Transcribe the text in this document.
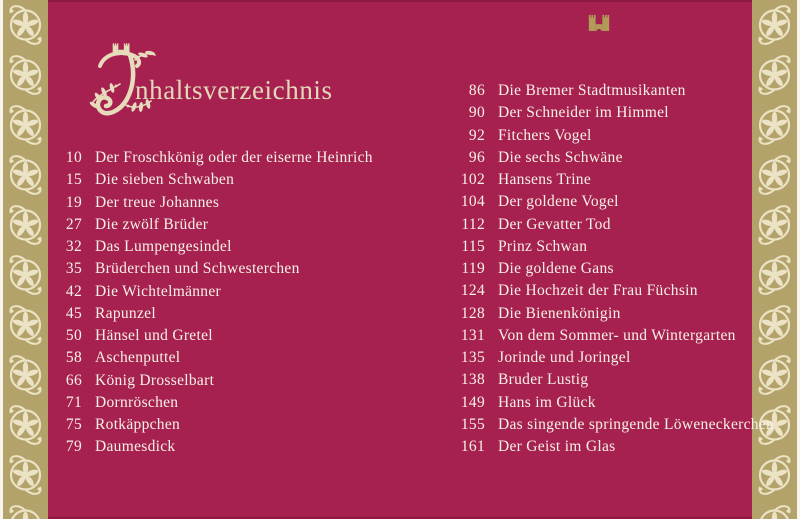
nhaltsverzeichnis
10 Der Froschkönig oder der eiserne Heinrich
15 Die sieben Schwaben
19 Der treue Johannes
27 Die zwölf Brüder
32 Das Lumpengesindel
35 Brüderchen und Schwesterchen
42 Die Wichtelmänner
45 Rapunzel
50 Hänsel und Gretel
58 Aschenputtel
66 König Drosselbart
71 Dornröschen
75 Rotkäppchen
79 Daumesdick
86 Die Bremer Stadtmusikanten
90 Der Schneider im Himmel
92 Fitchers Vogel
96 Die sechs Schwäne
102 Hansens Trine
104 Der goldene Vogel
112 Der Gevatter Tod
115 Prinz Schwan
119 Die goldene Gans
124 Die Hochzeit der Frau Füchsin
128 Die Bienenkönigin
131 Von dem Sommer- und Wintergarten
135 Jorinde und Joringel
138 Bruder Lustig
149 Hans im Glück
155 Das singende springende Löweneckerchen
161 Der Geist im Glas
